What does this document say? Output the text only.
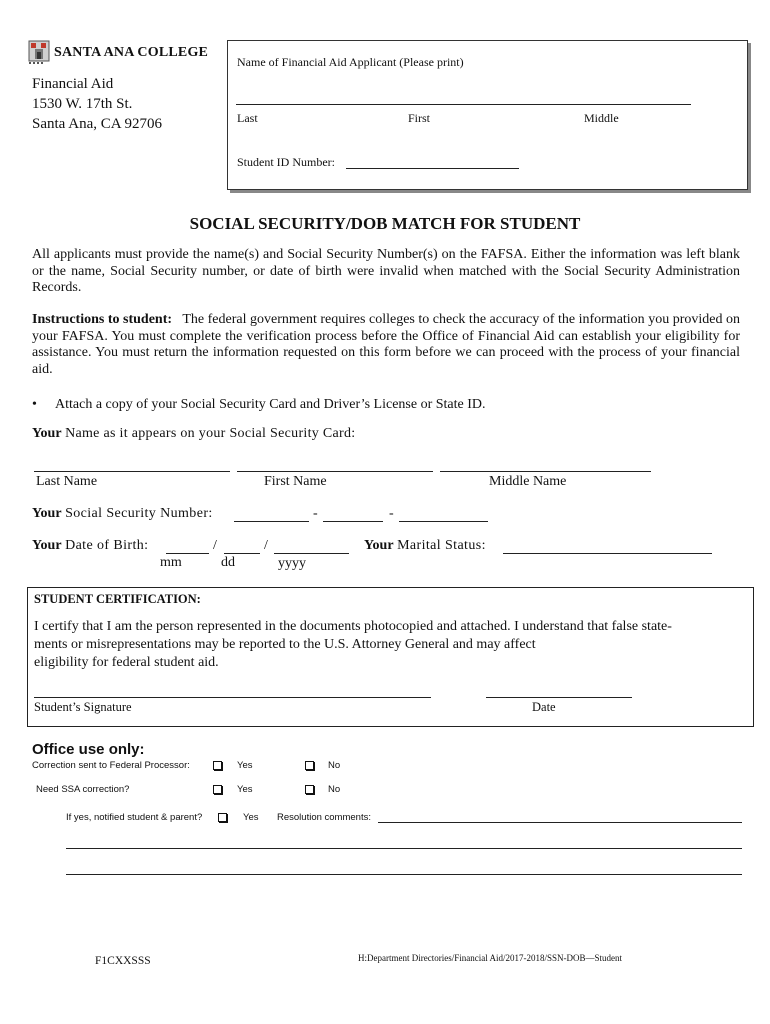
SANTA ANA COLLEGE
Financial Aid
1530 W. 17th St.
Santa Ana, CA 92706
Name of Financial Aid Applicant (Please print)
Last	First	Middle
Student ID Number:
SOCIAL SECURITY/DOB MATCH FOR STUDENT

All applicants must provide the name(s) and Social Security Number(s) on the FAFSA. Either the information was left blank or the name, Social Security number, or date of birth were invalid when matched with the Social Security Administration Records.

Instructions to student: The federal government requires colleges to check the accuracy of the information you provided on your FAFSA. You must complete the verification process before the Office of Financial Aid can establish your eligibility for assistance. You must return the information requested on this form before we can proceed with the process of your financial aid.

• Attach a copy of your Social Security Card and Driver’s License or State ID.
Your Name as it appears on your Social Security Card:
Last Name	First Name	Middle Name
Your Social Security Number:	-	-
Your Date of Birth:	/	/
mm	dd	yyyy
Your Marital Status:
STUDENT CERTIFICATION:
I certify that I am the person represented in the documents photocopied and attached. I understand that false state-
ments or misrepresentations may be reported to the U.S. Attorney General and may affect
eligibility for federal student aid.
Student’s Signature	Date
Office use only:
Correction sent to Federal Processor:	Yes	No
Need SSA correction?	Yes	No
If yes, notified student & parent?	Yes Resolution comments:
F1CXXSSS	H:Department Directories/Financial Aid/2017-2018/SSN-DOB—Student
